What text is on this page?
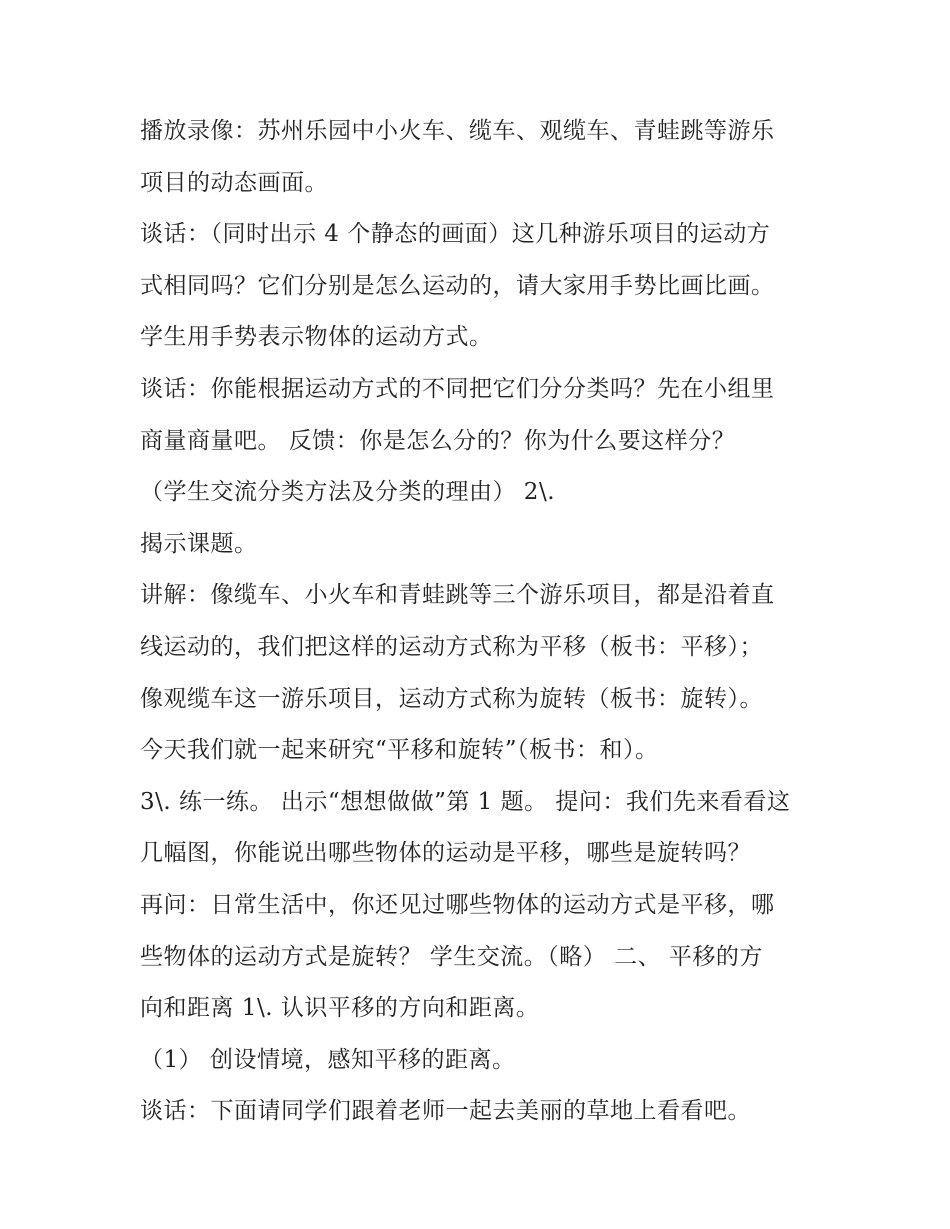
播放录像：苏州乐园中小火车、缆车、观缆车、青蛙跳等游乐
项目的动态画面。
谈话：（同时出示 4 个静态的画面）这几种游乐项目的运动方
式相同吗？它们分别是怎么运动的，请大家用手势比画比画。
学生用手势表示物体的运动方式。
谈话：你能根据运动方式的不同把它们分分类吗？先在小组里
商量商量吧。 反馈：你是怎么分的？你为什么要这样分？
（学生交流分类方法及分类的理由） 2\.
揭示课题。
讲解：像缆车、小火车和青蛙跳等三个游乐项目，都是沿着直
线运动的，我们把这样的运动方式称为平移（板书：平移）；
像观缆车这一游乐项目，运动方式称为旋转（板书：旋转）。
今天我们就一起来研究“平移和旋转”（板书：和）。
3\. 练一练。 出示“想想做做”第 1 题。 提问：我们先来看看这
几幅图，你能说出哪些物体的运动是平移，哪些是旋转吗？
再问：日常生活中，你还见过哪些物体的运动方式是平移，哪
些物体的运动方式是旋转？ 学生交流。（略） 二、 平移的方
向和距离 1\. 认识平移的方向和距离。
（1） 创设情境，感知平移的距离。
谈话：下面请同学们跟着老师一起去美丽的草地上看看吧。
